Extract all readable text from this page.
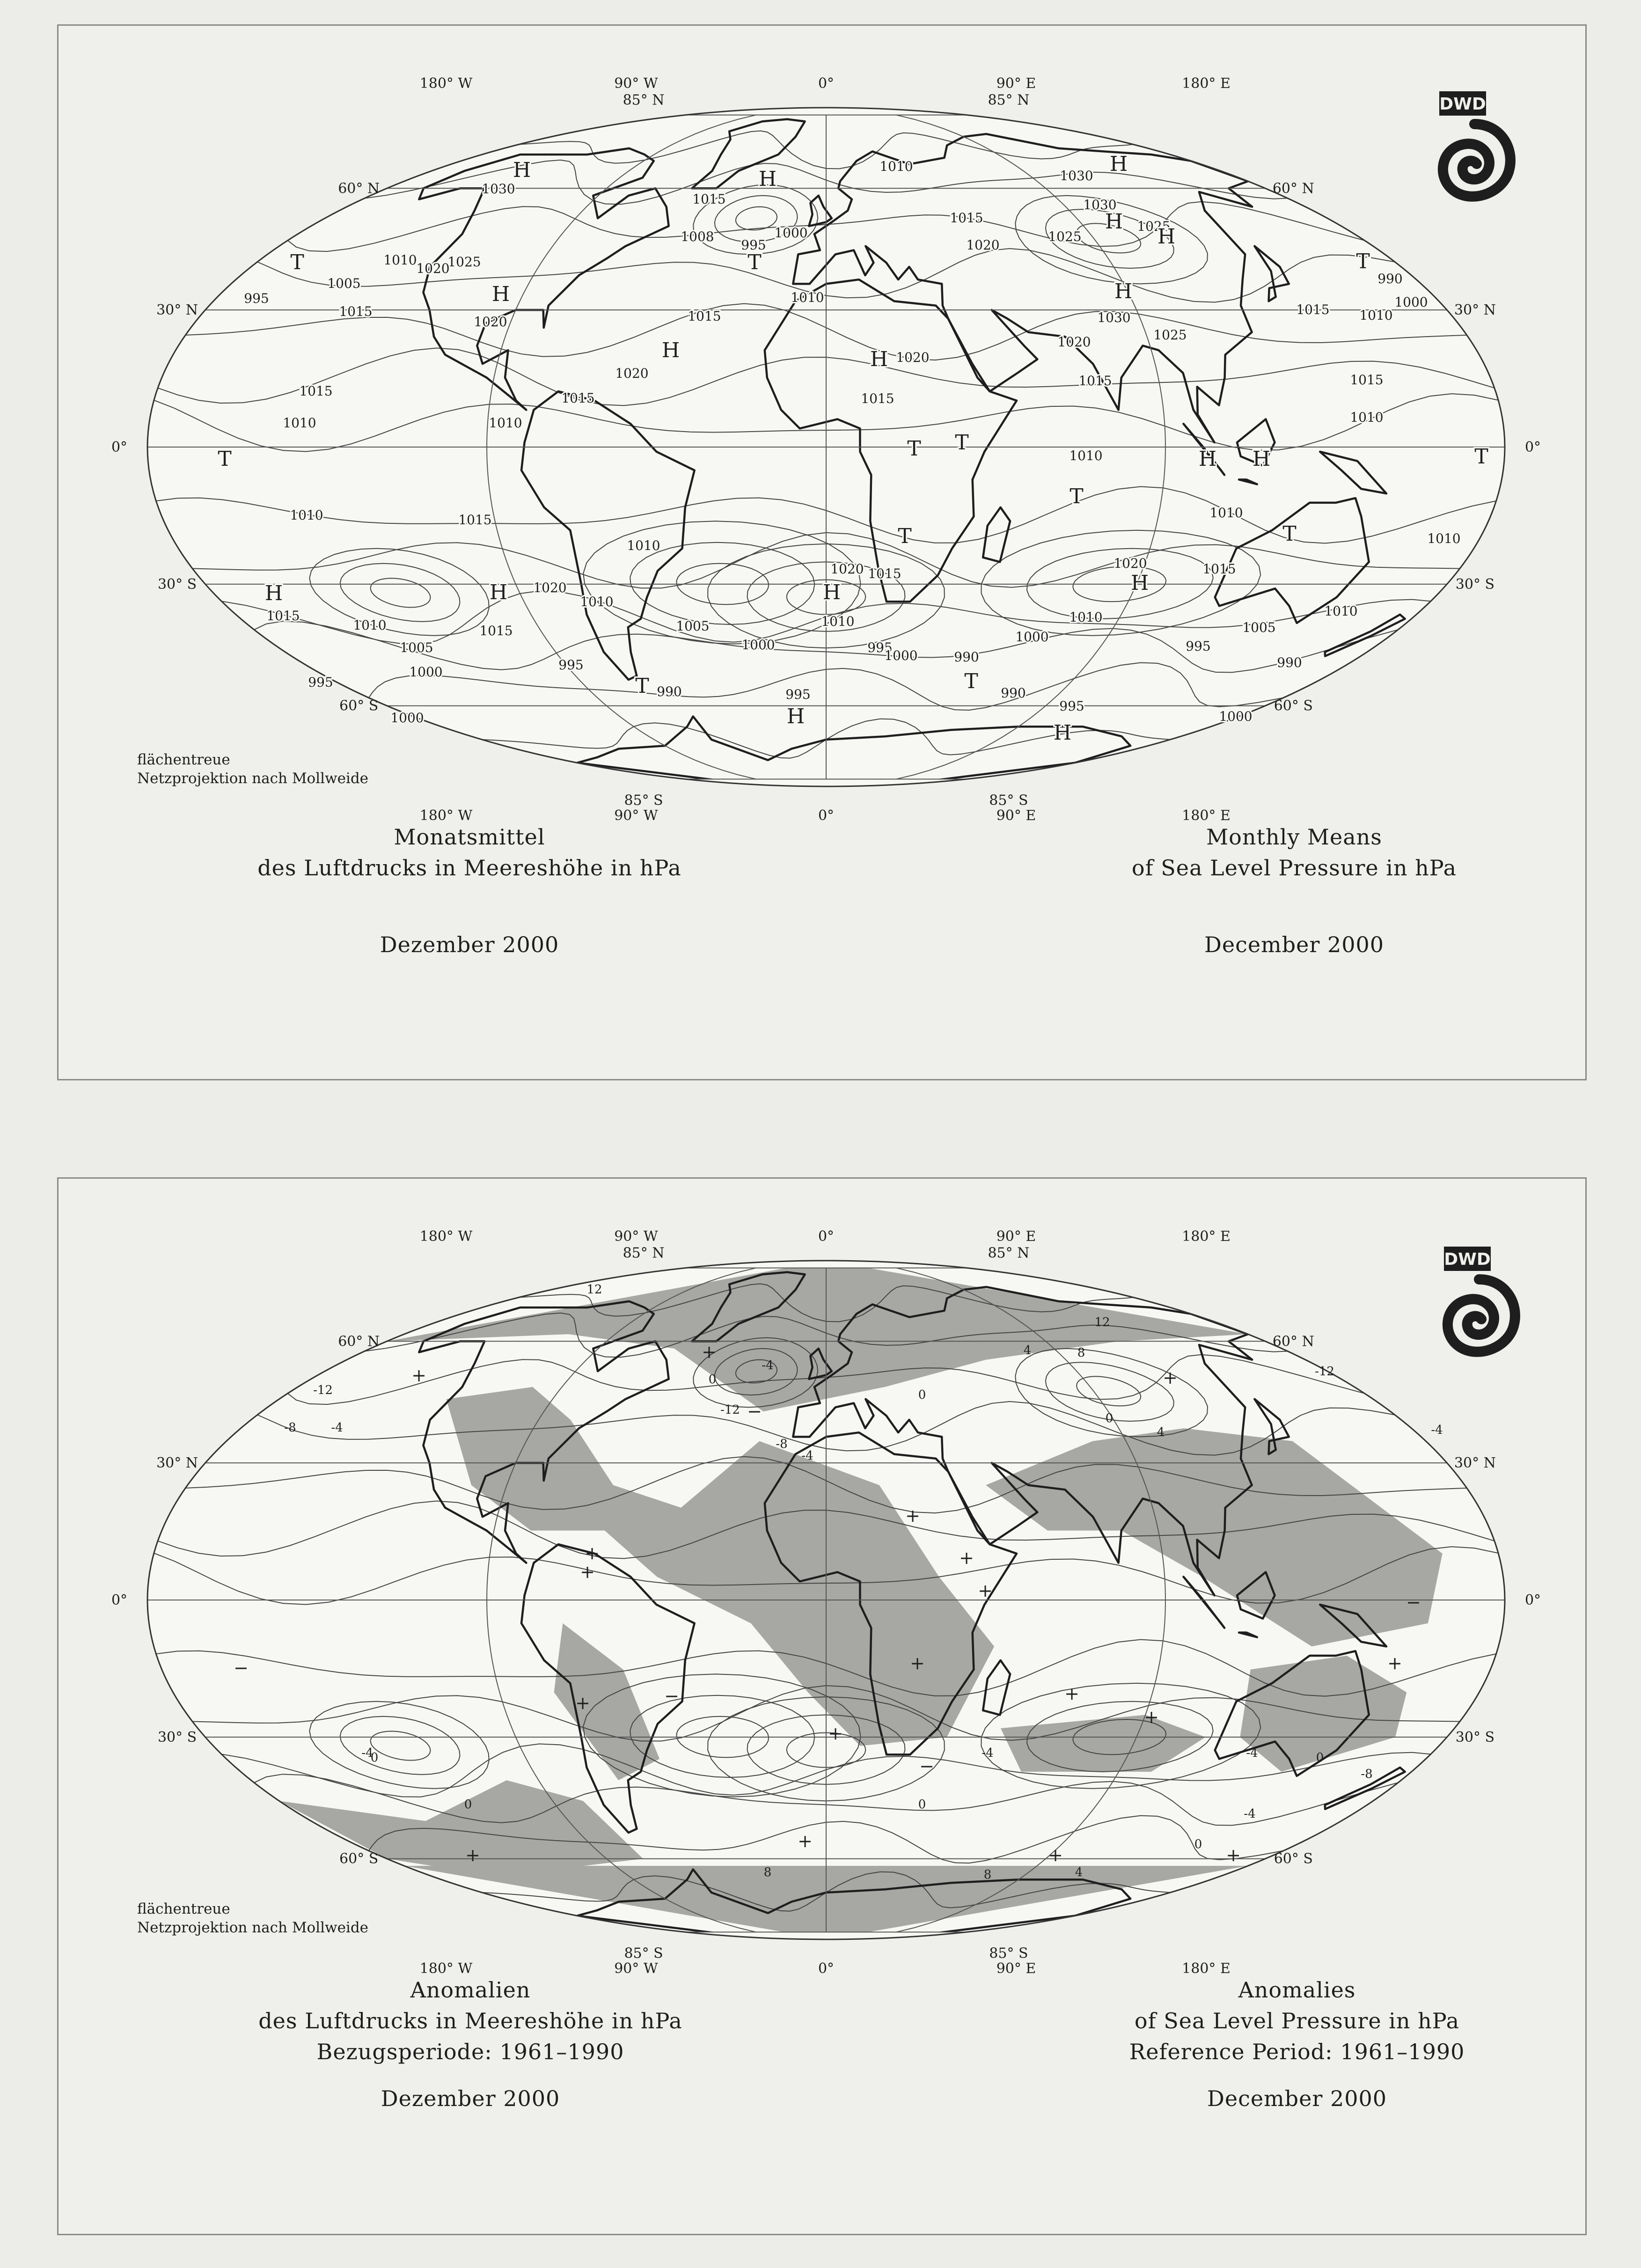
180° W
180° W
90° W
90° W
0°
0°
90° E
90° E
180° E
180° E
85° N	85° N
60° N	60° N
30° N	30° N
0°	0°
30° S	30° S
60° S	60° S
85° S	85° S
1030
1025
1020
1015
1010
1005
995
1020
1015
1010
1010	1015
1015
1010
1005
1000
995
1000
995
1015
1020
1015
1010
1020
1010
1010
1005
1000	995
990	995
1015
1015
1008
995
1000
1010
1015
1020 1015
1010
1010
1015
1020
1025
1030
1030
1025
1030
1025
1020
1015
1020
1010
1010
1015
1020
1010
1005
1010
995
990
990
990
995
1000
1000
1000
1015
1010
1010
990
1000
1010
1015
H	H
H
H	H
H
H
H
H
H H
H
H
H	H
H
H
T	T	T
T	T T
T
T
T
T
T	T
DWD
flächentreue
Netzprojektion nach Mollweide
Monatsmittel
des Luftdrucks in Meereshöhe in hPa
Monthly Means
of Sea Level Pressure in hPa
Dezember 2000	December 2000
180° W
180° W
90° W
90° W
0°
0°
90° E
90° E
180° E
180° E
85° N	85° N
60° N	60° N
30° N	30° N
0°	0°
30° S	30° S
60° S	60° S
85° S	85° S
12
-12
-8	-4
0
-12
-4
-8
-4
0
4	8
12
-12
-4
0
4
0
-4
0	0
-4	-4
-8
-4
0
8	4
8
0
+
+	+
+
+
+
+
+
+
+
+
+
+
+
+
+	+
+
−
−
−
−
−
DWD
flächentreue
Netzprojektion nach Mollweide
Anomalien
des Luftdrucks in Meereshöhe in hPa
Bezugsperiode: 1961–1990
Anomalies
of Sea Level Pressure in hPa
Reference Period: 1961–1990
Dezember 2000	December 2000
